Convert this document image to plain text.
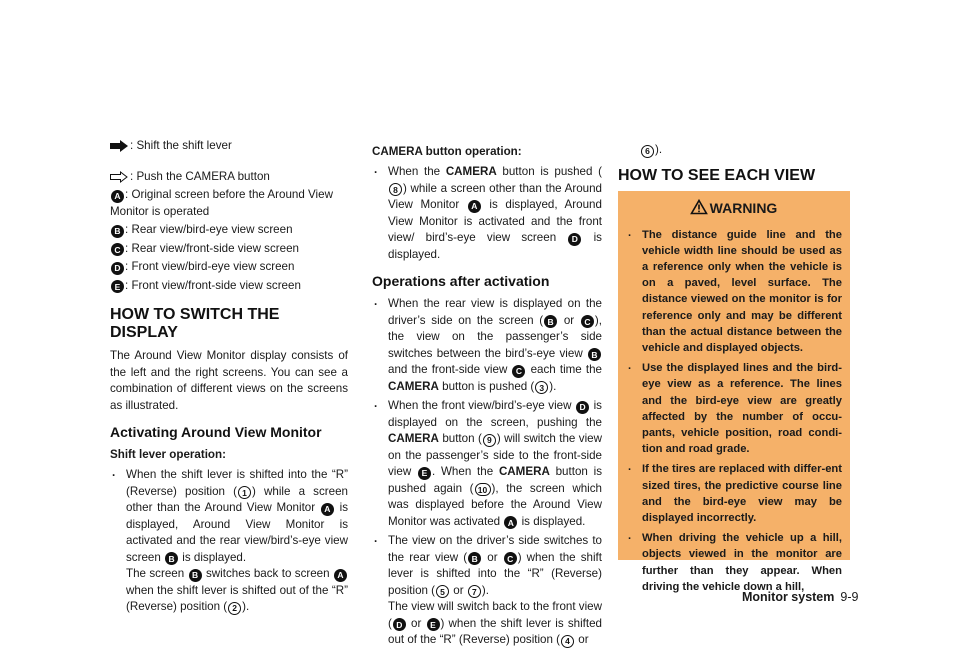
: Shift the shift lever

: Push the CAMERA button

A : Original screen before the Around View Monitor is operated

B : Rear view/bird-eye view screen

C : Rear view/front-side view screen

D : Front view/bird-eye view screen

E : Front view/front-side view screen

HOW TO SWITCH THE DISPLAY

The Around View Monitor display consists of the left and the right screens. You can see a combination of different views on the screens as illustrated.

Activating Around View Monitor
Shift lever operation:
. When the shift lever is shifted into the “R” (Reverse) position ( 1 ) while a screen other than the Around View Monitor A is displayed, Around View Monitor is activated and the rear view/bird’s-eye view screen B is displayed.
The screen B switches back to screen A when the shift lever is shifted out of the “R” (Reverse) position ( 2 ).
CAMERA button operation:
. When the CAMERA button is pushed (8 ) while a screen other than the Around View Monitor A is displayed, Around View Monitor is activated and the front view/ bird’s-eye view screen D is displayed.
Operations after activation
. When the rear view is displayed on the driver’s side on the screen ( B or C ), the view on the passenger’s side switches between the bird’s-eye view B and the front-side view C each time the CAMERA button is pushed ( 3 ).
. When the front view/bird’s-eye view D is displayed on the screen, pushing the CAMERA button ( 9 ) will switch the view on the passenger’s side to the front-side view E . When the CAMERA button is pushed again ( 10 ), the screen which was displayed before the Around View Monitor was activated A is displayed.
. The view on the driver’s side switches to the rear view ( B or C ) when the shift lever is shifted into the “R” (Reverse) position ( 5 or 7 ).
The view will switch back to the front view ( D or E ) when the shift lever is shifted out of the “R” (Reverse) position ( 4 or

6 ).

HOW TO SEE EACH VIEW
WARNING
. The distance guide line and the vehicle width line should be used as a reference only when the vehicle is on a paved, level surface. The distance viewed on the monitor is for reference only and may be different than the actual distance between the vehicle and displayed objects.
. Use the displayed lines and the bird-eye view as a reference. The lines and the bird-eye view are greatly affected by the number of occu-pants, vehicle position, road condi-tion and road grade.
. If the tires are replaced with differ-ent sized tires, the predictive course line and the bird-eye view may be displayed incorrectly.
. When driving the vehicle up a hill, objects viewed in the monitor are further than they appear. When driving the vehicle down a hill,
Monitor system 9-9
